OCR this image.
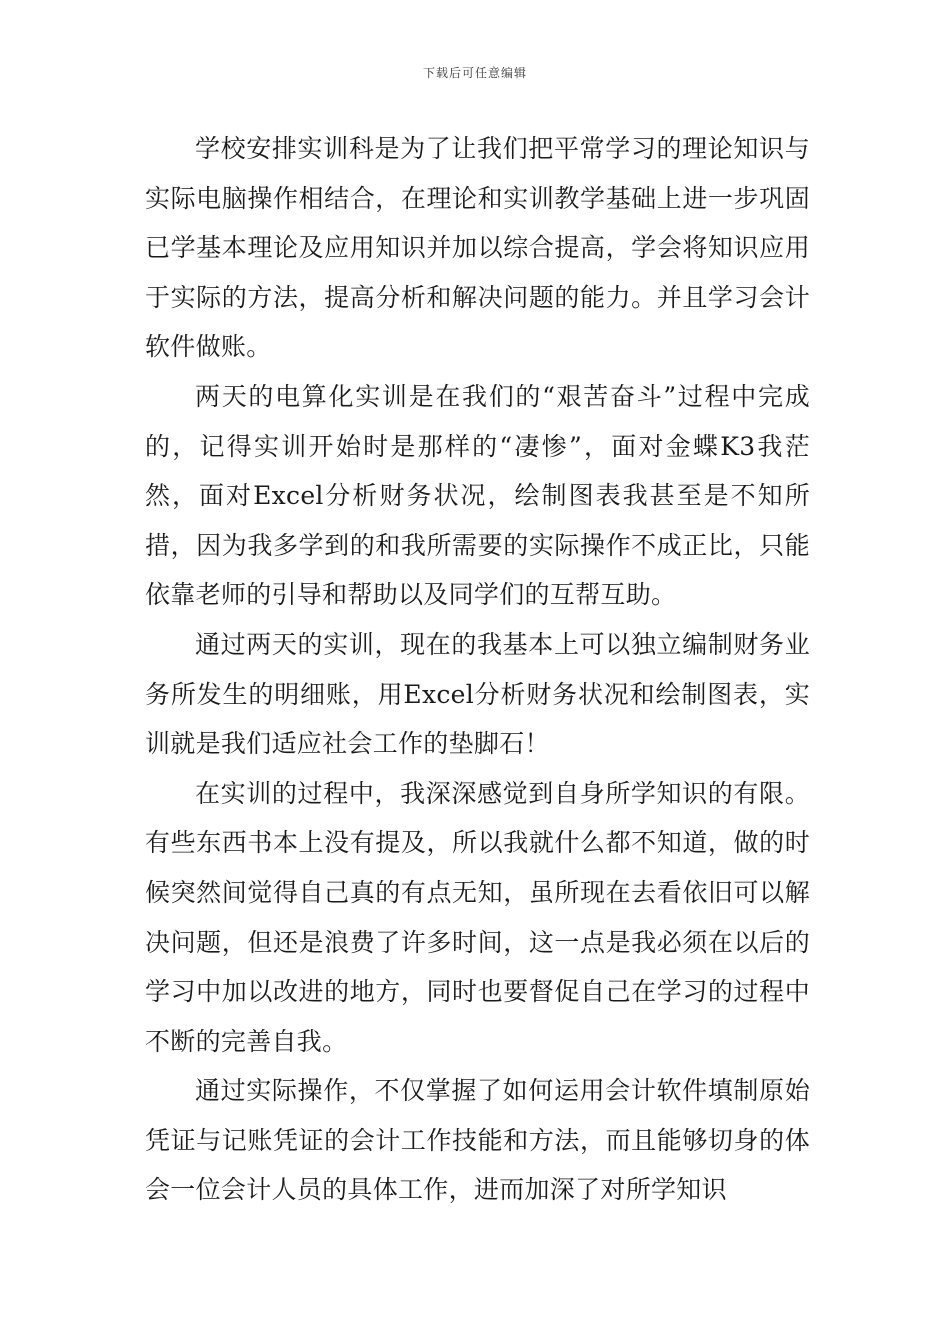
下载后可任意编辑

学校安排实训科是为了让我们把平常学习的理论知识与实际电脑操作相结合，在理论和实训教学基础上进一步巩固已学基本理论及应用知识并加以综合提高，学会将知识应用于实际的方法，提高分析和解决问题的能力。并且学习会计软件做账。

两天的电算化实训是在我们的“艰苦奋斗”过程中完成的，记得实训开始时是那样的“凄惨”，面对金蝶K3我茫然，面对Excel分析财务状况，绘制图表我甚至是不知所措，因为我多学到的和我所需要的实际操作不成正比，只能依靠老师的引导和帮助以及同学们的互帮互助。

通过两天的实训，现在的我基本上可以独立编制财务业务所发生的明细账，用Excel分析财务状况和绘制图表，实训就是我们适应社会工作的垫脚石！

在实训的过程中，我深深感觉到自身所学知识的有限。有些东西书本上没有提及，所以我就什么都不知道，做的时候突然间觉得自己真的有点无知，虽所现在去看依旧可以解决问题，但还是浪费了许多时间，这一点是我必须在以后的学习中加以改进的地方，同时也要督促自己在学习的过程中不断的完善自我。

通过实际操作，不仅掌握了如何运用会计软件填制原始凭证与记账凭证的会计工作技能和方法，而且能够切身的体会一位会计人员的具体工作，进而加深了对所学知识
